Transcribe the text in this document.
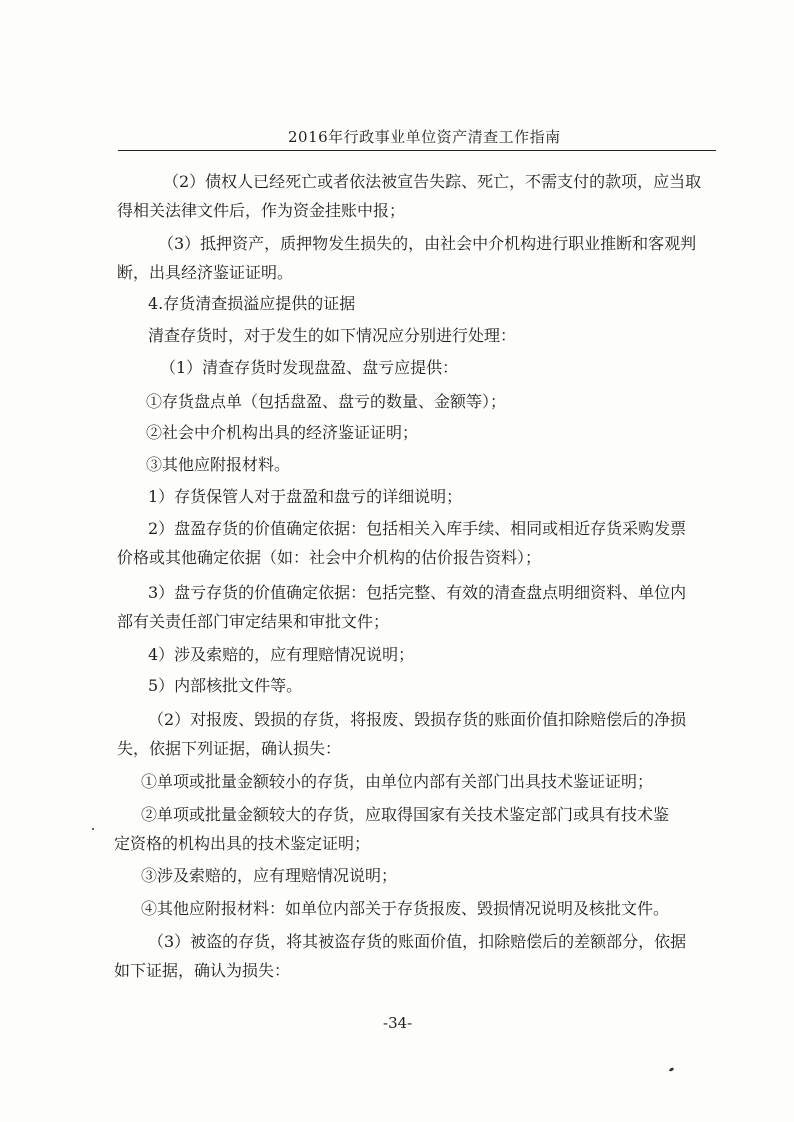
2016年行政事业单位资产清查工作指南
（2）债权人已经死亡或者依法被宣告失踪、死亡，不需支付的款项，应当取
得相关法律文件后，作为资金挂账中报；
（3）抵押资产，质押物发生损失的，由社会中介机构进行职业推断和客观判
断，出具经济鉴证证明。
4.存货清查损溢应提供的证据
清查存货时，对于发生的如下情况应分别进行处理：
（1）清查存货时发现盘盈、盘亏应提供：
①存货盘点单（包括盘盈、盘亏的数量、金额等）；
②社会中介机构出具的经济鉴证证明；
③其他应附报材料。
1）存货保管人对于盘盈和盘亏的详细说明；
2）盘盈存货的价值确定依据：包括相关入库手续、相同或相近存货采购发票
价格或其他确定依据（如：社会中介机构的估价报告资料）；
3）盘亏存货的价值确定依据：包括完整、有效的清查盘点明细资料、单位内
部有关责任部门审定结果和审批文件；
4）涉及索赔的，应有理赔情况说明；
5）内部核批文件等。
（2）对报废、毁损的存货，将报废、毁损存货的账面价值扣除赔偿后的净损
失，依据下列证据，确认损失：
①单项或批量金额较小的存货，由单位内部有关部门出具技术鉴证证明；
②单项或批量金额较大的存货，应取得国家有关技术鉴定部门或具有技术鉴
定资格的机构出具的技术鉴定证明；
③涉及索赔的，应有理赔情况说明；
④其他应附报材料：如单位内部关于存货报废、毁损情况说明及核批文件。
（3）被盗的存货，将其被盗存货的账面价值，扣除赔偿后的差额部分，依据
如下证据，确认为损失：
-34-
